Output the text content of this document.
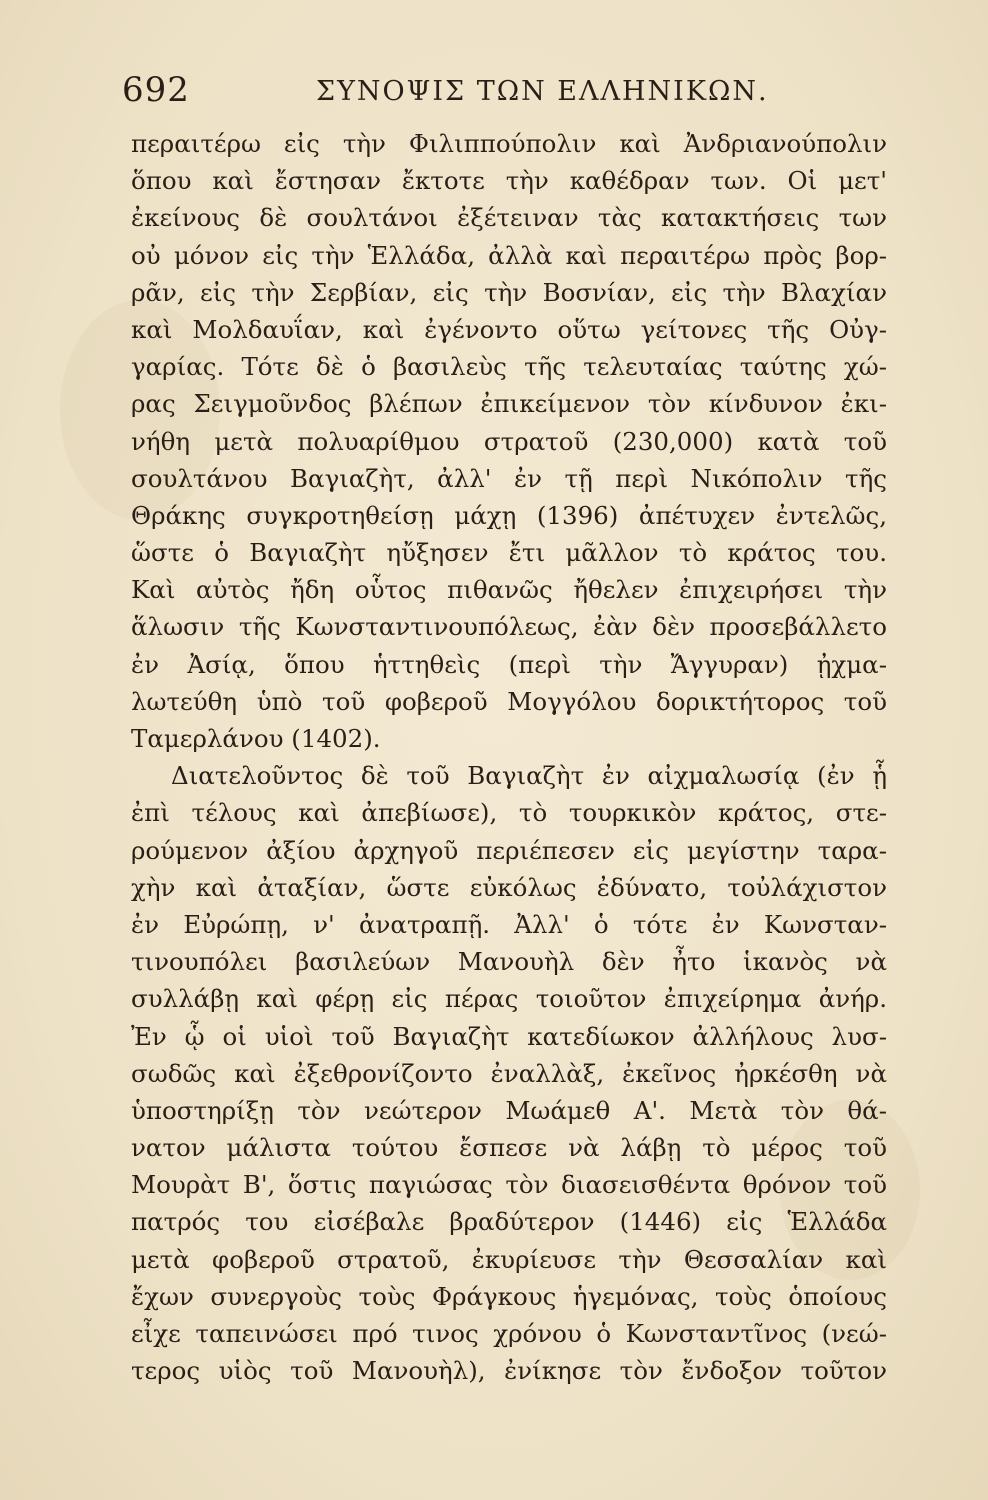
692	ΣΥΝΟΨΙΣ ΤΩΝ ΕΛΛΗΝΙΚΩΝ.
περαιτέρω εἰς τὴν Φιλιππούπολιν καὶ Ἀνδριανούπολιν
ὅπου καὶ ἔστησαν ἔκτοτε τὴν καθέδραν των. Οἱ μετ'
ἐκείνους δὲ σουλτάνοι ἐξέτειναν τὰς κατακτήσεις των
οὐ μόνον εἰς τὴν Ἑλλάδα, ἀλλὰ καὶ περαιτέρω πρὸς βορ-
ρᾶν, εἰς τὴν Σερβίαν, εἰς τὴν Βοσνίαν, εἰς τὴν Βλαχίαν
καὶ Μολδαυΐαν, καὶ ἐγένοντο οὕτω γείτονες τῆς Οὐγ-
γαρίας. Τότε δὲ ὁ βασιλεὺς τῆς τελευταίας ταύτης χώ-
ρας Σειγμοῦνδος βλέπων ἐπικείμενον τὸν κίνδυνον ἐκι-
νήθη μετὰ πολυαρίθμου στρατοῦ (230,000) κατὰ τοῦ
σουλτάνου Βαγιαζὴτ, ἀλλ' ἐν τῇ περὶ Νικόπολιν τῆς
Θράκης συγκροτηθείσῃ μάχῃ (1396) ἀπέτυχεν ἐντελῶς,
ὥστε ὁ Βαγιαζὴτ ηὔξησεν ἔτι μᾶλλον τὸ κράτος του.
Καὶ αὐτὸς ἤδη οὗτος πιθανῶς ἤθελεν ἐπιχειρήσει τὴν
ἅλωσιν τῆς Κωνσταντινουπόλεως, ἐὰν δὲν προσεβάλλετο
ἐν Ἀσίᾳ, ὅπου ἡττηθεὶς (περὶ τὴν Ἄγγυραν) ᾐχμα-
λωτεύθη ὑπὸ τοῦ φοβεροῦ Μογγόλου δορικτήτορος τοῦ
Ταμερλάνου (1402).
Διατελοῦντος δὲ τοῦ Βαγιαζὴτ ἐν αἰχμαλωσίᾳ (ἐν ᾗ
ἐπὶ τέλους καὶ ἀπεβίωσε), τὸ τουρκικὸν κράτος, στε-
ρούμενον ἀξίου ἀρχηγοῦ περιέπεσεν εἰς μεγίστην ταρα-
χὴν καὶ ἀταξίαν, ὥστε εὐκόλως ἐδύνατο, τοὐλάχιστον
ἐν Εὐρώπῃ, ν' ἀνατραπῇ. Ἀλλ' ὁ τότε ἐν Κωνσταν-
τινουπόλει βασιλεύων Μανουὴλ δὲν ἦτο ἱκανὸς νὰ
συλλάβῃ καὶ φέρῃ εἰς πέρας τοιοῦτον ἐπιχείρημα ἀνήρ.
Ἐν ᾧ οἱ υἱοὶ τοῦ Βαγιαζὴτ κατεδίωκον ἀλλήλους λυσ-
σωδῶς καὶ ἐξεθρονίζοντο ἐναλλὰξ, ἐκεῖνος ἠρκέσθη νὰ
ὑποστηρίξῃ τὸν νεώτερον Μωάμεθ Α'. Μετὰ τὸν θά-
νατον μάλιστα τούτου ἔσπεσε νὰ λάβῃ τὸ μέρος τοῦ
Μουρὰτ Β', ὅστις παγιώσας τὸν διασεισθέντα θρόνον τοῦ
πατρός του εἰσέβαλε βραδύτερον (1446) εἰς Ἑλλάδα
μετὰ φοβεροῦ στρατοῦ, ἐκυρίευσε τὴν Θεσσαλίαν καὶ
ἔχων συνεργοὺς τοὺς Φράγκους ἡγεμόνας, τοὺς ὁποίους
εἶχε ταπεινώσει πρό τινος χρόνου ὁ Κωνσταντῖνος (νεώ-
τερος υἱὸς τοῦ Μανουὴλ), ἐνίκησε τὸν ἔνδοξον τοῦτον
